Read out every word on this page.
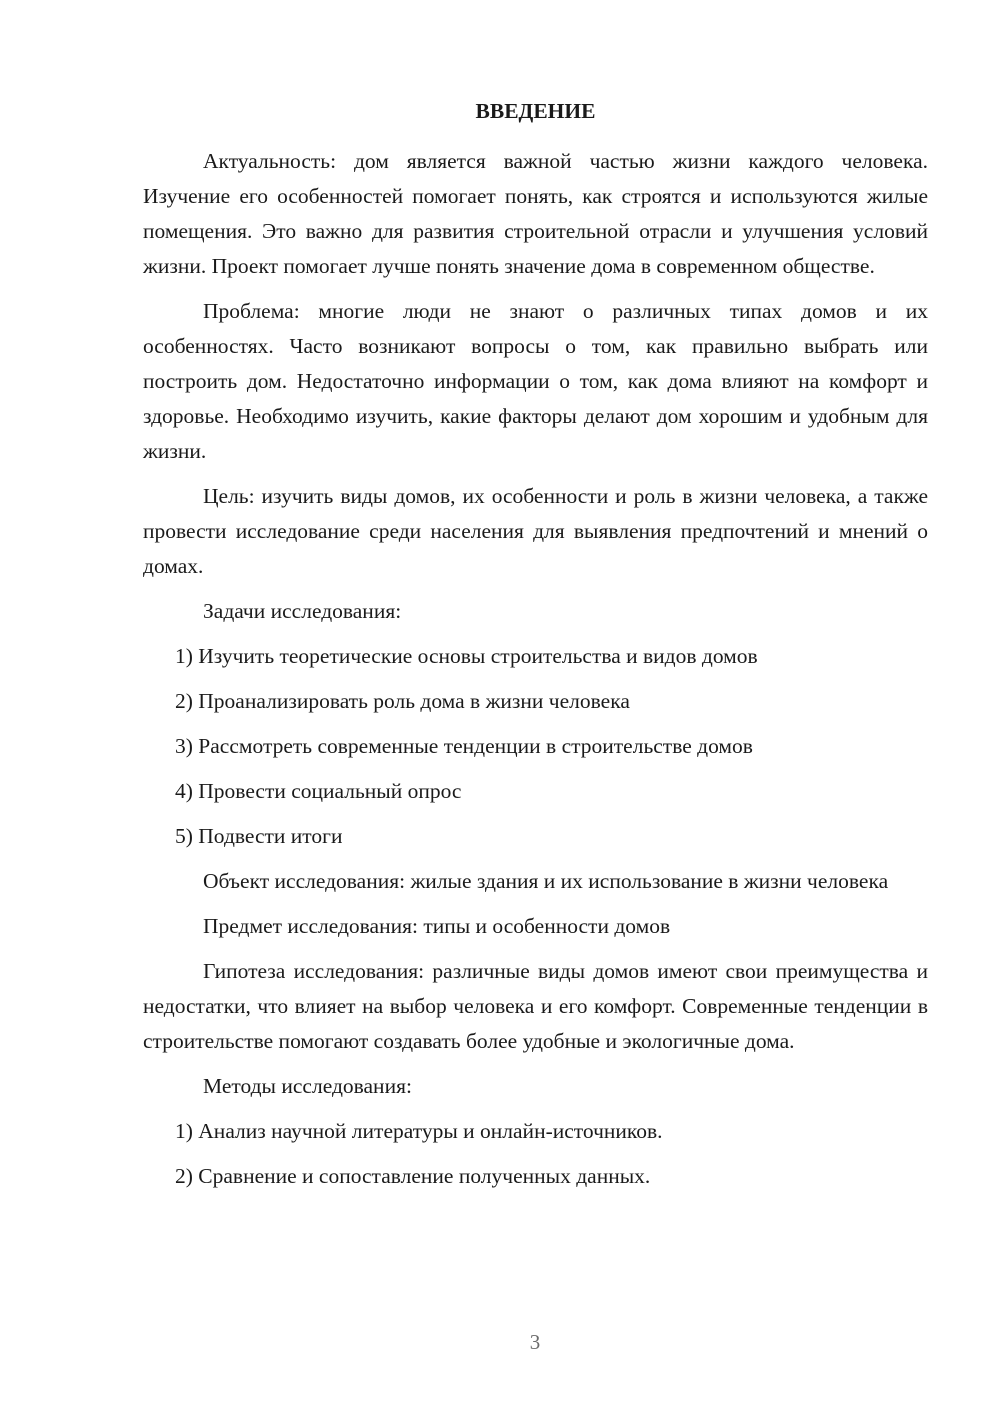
ВВЕДЕНИЕ
Актуальность: дом является важной частью жизни каждого человека. Изучение его особенностей помогает понять, как строятся и используются жилые помещения. Это важно для развития строительной отрасли и улучшения условий жизни. Проект помогает лучше понять значение дома в современном обществе.
Проблема: многие люди не знают о различных типах домов и их особенностях. Часто возникают вопросы о том, как правильно выбрать или построить дом. Недостаточно информации о том, как дома влияют на комфорт и здоровье. Необходимо изучить, какие факторы делают дом хорошим и удобным для жизни.
Цель: изучить виды домов, их особенности и роль в жизни человека, а также провести исследование среди населения для выявления предпочтений и мнений о домах.
Задачи исследования:
1) Изучить теоретические основы строительства и видов домов
2) Проанализировать роль дома в жизни человека
3) Рассмотреть современные тенденции в строительстве домов
4) Провести социальный опрос
5) Подвести итоги
Объект исследования: жилые здания и их использование в жизни человека
Предмет исследования: типы и особенности домов
Гипотеза исследования: различные виды домов имеют свои преимущества и недостатки, что влияет на выбор человека и его комфорт. Современные тенденции в строительстве помогают создавать более удобные и экологичные дома.
Методы исследования:
1) Анализ научной литературы и онлайн-источников.
2) Сравнение и сопоставление полученных данных.
3
